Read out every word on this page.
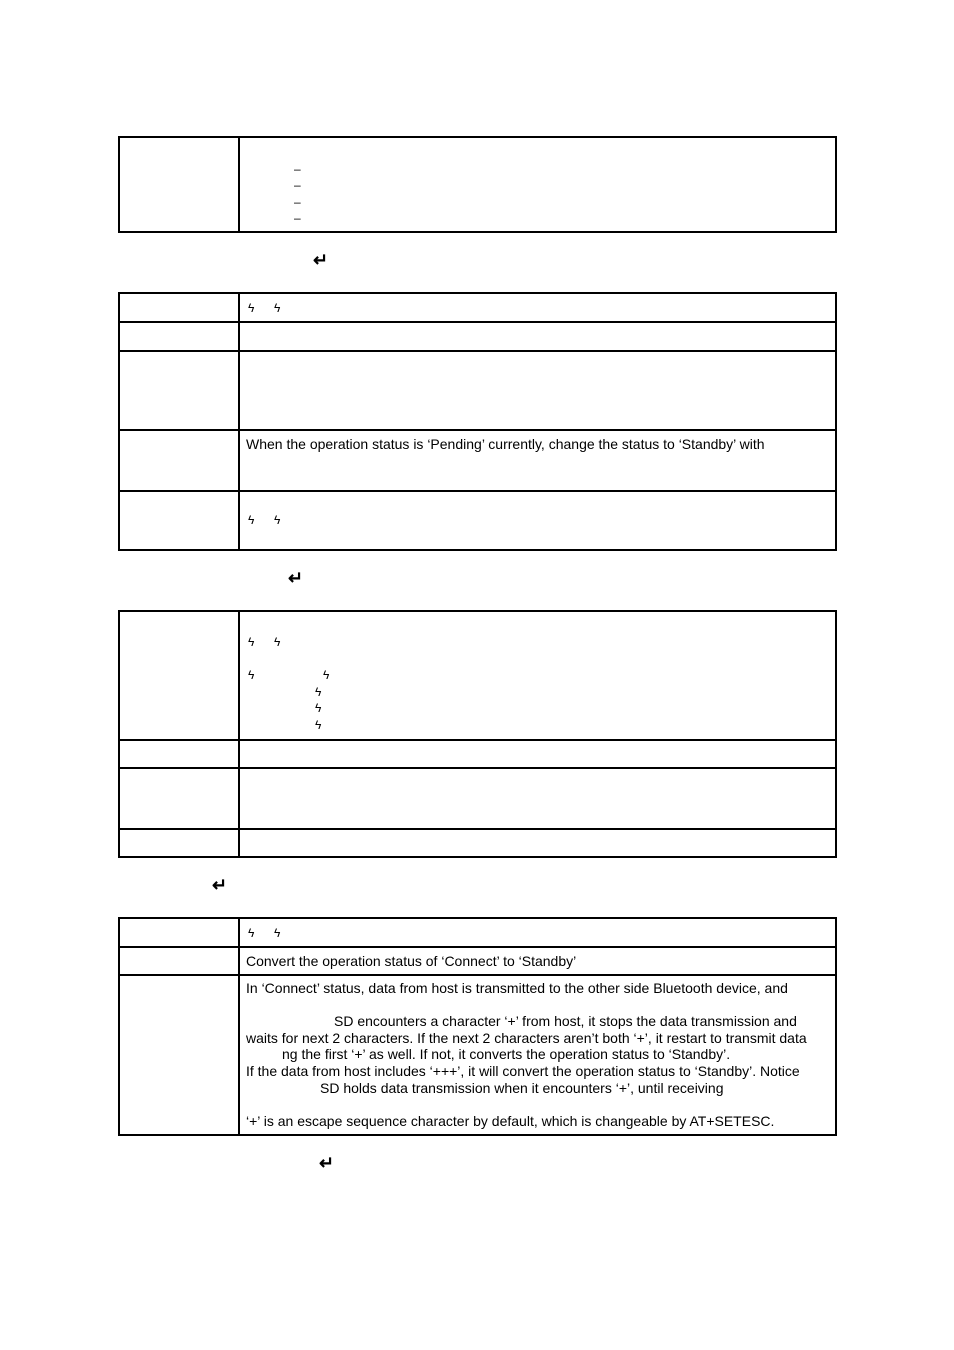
–
–
–
–
↵
ϟ ϟ
When the operation status is ‘Pending’ currently, change the status to ‘Standby’ with
ϟ ϟ
↵
ϟ ϟ
ϟ	ϟ
ϟ
ϟ
ϟ
↵
ϟ ϟ
Convert the operation status of ‘Connect’ to ‘Standby’
In ‘Connect’ status, data from host is transmitted to the other side Bluetooth device, and
SD encounters a character ‘+’ from host, it stops the data transmission and
waits for next 2 characters. If the next 2 characters aren’t both ‘+’, it restart to transmit data
ng the first ‘+’ as well. If not, it converts the operation status to ‘Standby’.
If the data from host includes ‘+++’, it will convert the operation status to ‘Standby’. Notice
SD holds data transmission when it encounters ‘+’, until receiving
‘+’ is an escape sequence character by default, which is changeable by AT+SETESC.
↵
